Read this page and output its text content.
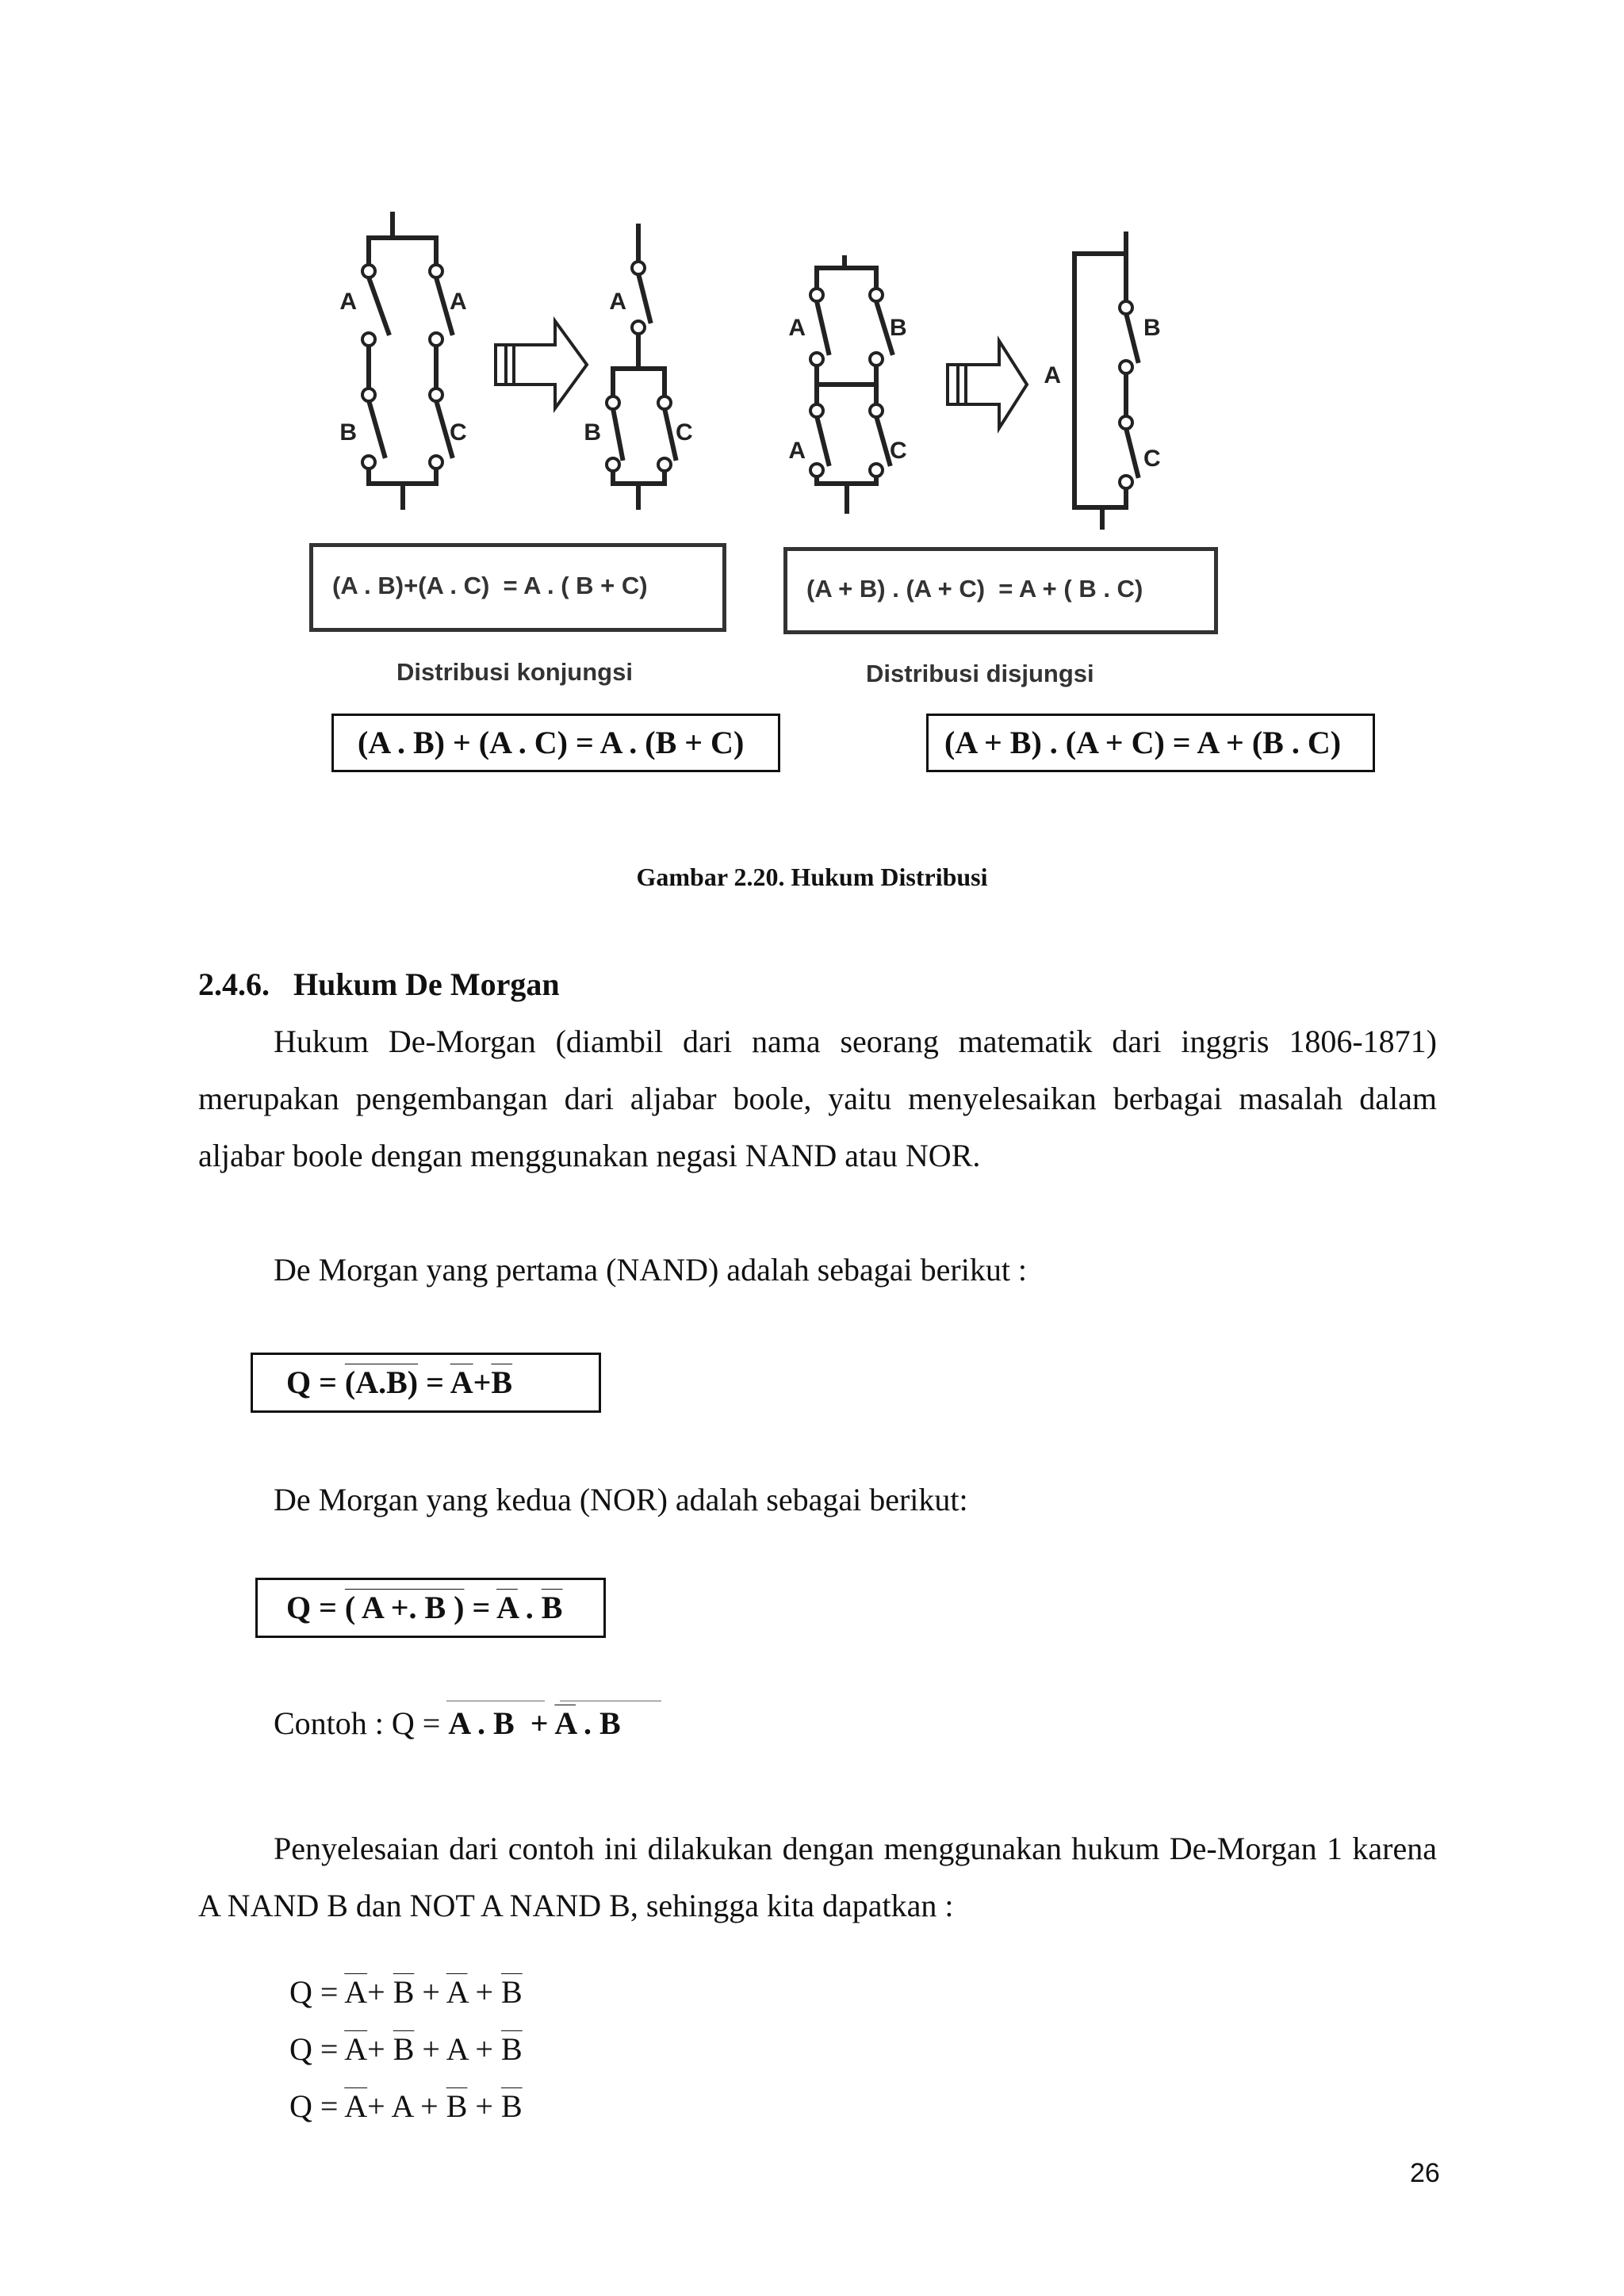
A	A
B	C
A
B	C
A	B
A	C
A
B
C
(A . B)+(A . C)  = A . ( B + C)	(A + B) . (A + C)  = A + ( B . C)
Distribusi konjungsi	Distribusi disjungsi
(A . B) + (A . C) = A . (B + C)	(A + B) . (A + C) = A + (B . C)
Gambar 2.20. Hukum Distribusi
2.4.6.   Hukum De Morgan
Hukum De-Morgan (diambil dari nama seorang matematik dari inggris 1806-1871) merupakan pengembangan dari aljabar boole, yaitu menyelesaikan berbagai masalah dalam aljabar boole dengan menggunakan negasi NAND atau NOR.
De Morgan yang pertama (NAND) adalah sebagai berikut :
$Q = (A.B) = \overline{A}+\overline{B}$
De Morgan yang kedua (NOR) adalah sebagai berikut:
Q = ( A +. B ) = $\overline{A}$ . $\overline{B}$
Contoh : Q = A . $B + \overline{A}$ . B
Penyelesaian dari contoh ini dilakukan dengan menggunakan hukum De-Morgan 1 karena A NAND B dan NOT A NAND B, sehingga kita dapatkan :

$Q = \overline{A}+ \overline{B} + \overline{A} + \overline{B}$

$Q = \overline{A}+ \overline{B} + A + \overline{B}$

$Q = \overline{A}+ A + \overline{B} + \overline{B}$

26
